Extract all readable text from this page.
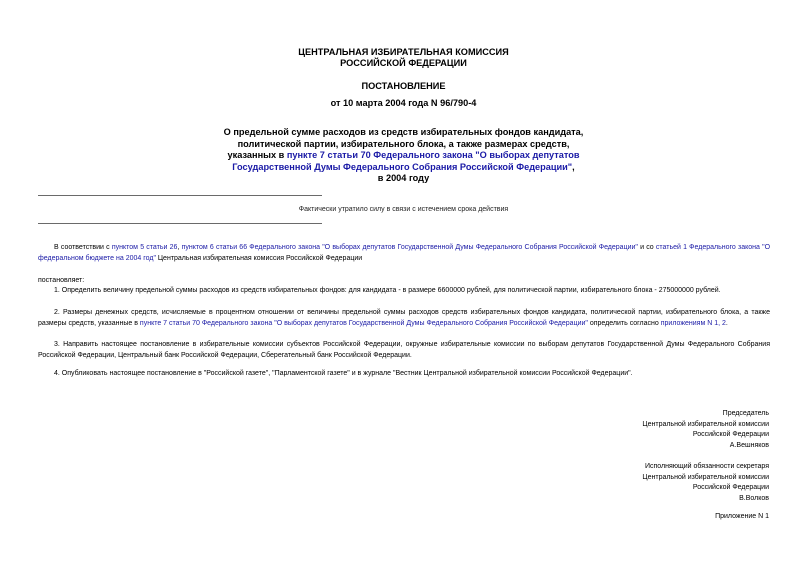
ЦЕНТРАЛЬНАЯ ИЗБИРАТЕЛЬНАЯ КОМИССИЯ
РОССИЙСКОЙ ФЕДЕРАЦИИ
ПОСТАНОВЛЕНИЕ
от 10 марта 2004 года N 96/790-4
О предельной сумме расходов из средств избирательных фондов кандидата,
политической партии, избирательного блока, а также размерах средств,
указанных в пункте 7 статьи 70 Федерального закона "О выборах депутатов
Государственной Думы Федерального Собрания Российской Федерации",
в 2004 году
Фактически утратило силу в связи с истечением срока действия
В соответствии с пунктом 5 статьи 26, пунктом 6 статьи 66 Федерального закона "О выборах депутатов Государственной Думы Федерального Собрания Российской Федерации" и со статьей 1 Федерального закона "О федеральном бюджете на 2004 год" Центральная избирательная комиссия Российской Федерации
постановляет:
1. Определить величину предельной суммы расходов из средств избирательных фондов: для кандидата - в размере 6600000 рублей, для политической партии, избирательного блока - 275000000 рублей.
2. Размеры денежных средств, исчисляемые в процентном отношении от величины предельной суммы расходов средств избирательных фондов кандидата, политической партии, избирательного блока, а также размеры средств, указанные в пункте 7 статьи 70 Федерального закона "О выборах депутатов Государственной Думы Федерального Собрания Российской Федерации" определить согласно приложениям N 1, 2.
3. Направить настоящее постановление в избирательные комиссии субъектов Российской Федерации, окружные избирательные комиссии по выборам депутатов Государственной Думы Федерального Собрания Российской Федерации, Центральный банк Российской Федерации, Сберегательный банк Российской Федерации.
4. Опубликовать настоящее постановление в "Российской газете", "Парламентской газете" и в журнале "Вестник Центральной избирательной комиссии Российской Федерации".
Председатель
Центральной избирательной комиссии
Российской Федерации
А.Вешняков
Исполняющий обязанности секретаря
Центральной избирательной комиссии
Российской Федерации
В.Волков
Приложение N 1
